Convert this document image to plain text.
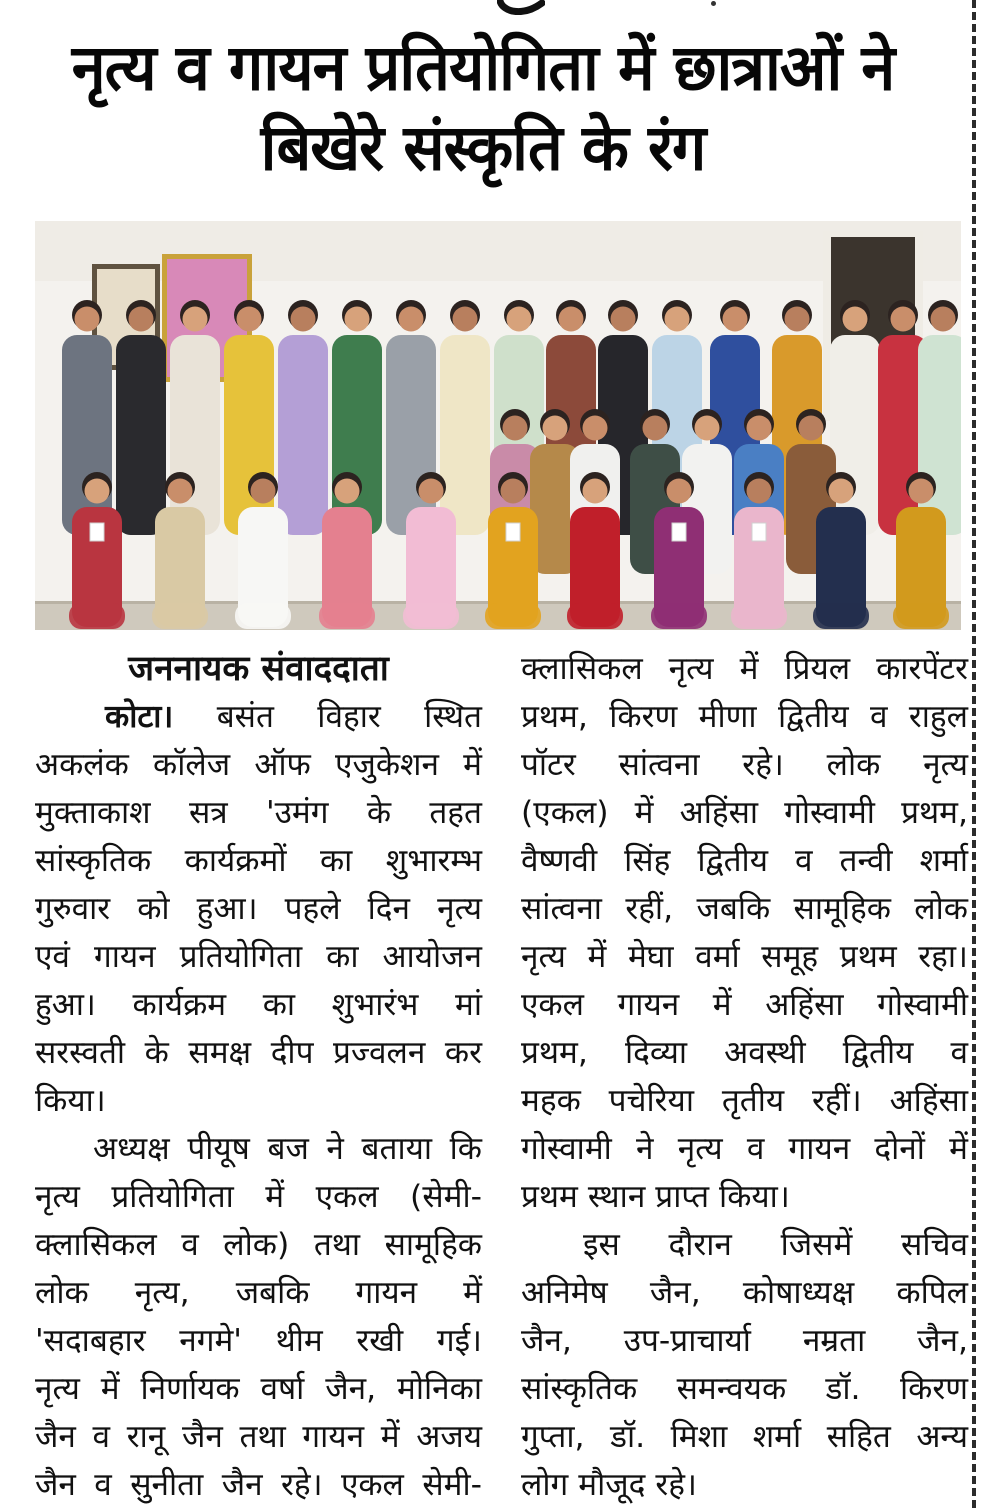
नृत्य व गायन प्रतियोगिता में छात्राओं ने
बिखेरे संस्कृति के रंग
जननायक संवाददाता
कोटा। बसंत विहार स्थित
अकलंक कॉलेज ऑफ एजुकेशन में
मुक्ताकाश सत्र 'उमंग के तहत
सांस्कृतिक कार्यक्रमों का शुभारम्भ
गुरुवार को हुआ। पहले दिन नृत्य
एवं गायन प्रतियोगिता का आयोजन
हुआ। कार्यक्रम का शुभारंभ मां
सरस्वती के समक्ष दीप प्रज्वलन कर
किया।
अध्यक्ष पीयूष बज ने बताया कि
नृत्य प्रतियोगिता में एकल (सेमी-
क्लासिकल व लोक) तथा सामूहिक
लोक नृत्य, जबकि गायन में
'सदाबहार नगमे' थीम रखी गई।
नृत्य में निर्णायक वर्षा जैन, मोनिका
जैन व रानू जैन तथा गायन में अजय
जैन व सुनीता जैन रहे। एकल सेमी-
क्लासिकल नृत्य में प्रियल कारपेंटर
प्रथम, किरण मीणा द्वितीय व राहुल
पॉटर सांत्वना रहे। लोक नृत्य
(एकल) में अहिंसा गोस्वामी प्रथम,
वैष्णवी सिंह द्वितीय व तन्वी शर्मा
सांत्वना रहीं, जबकि सामूहिक लोक
नृत्य में मेघा वर्मा समूह प्रथम रहा।
एकल गायन में अहिंसा गोस्वामी
प्रथम, दिव्या अवस्थी द्वितीय व
महक पचेरिया तृतीय रहीं। अहिंसा
गोस्वामी ने नृत्य व गायन दोनों में
प्रथम स्थान प्राप्त किया।
इस दौरान जिसमें सचिव
अनिमेष जैन, कोषाध्यक्ष कपिल
जैन, उप-प्राचार्या नम्रता जैन,
सांस्कृतिक समन्वयक डॉ. किरण
गुप्ता, डॉ. मिशा शर्मा सहित अन्य
लोग मौजूद रहे।
